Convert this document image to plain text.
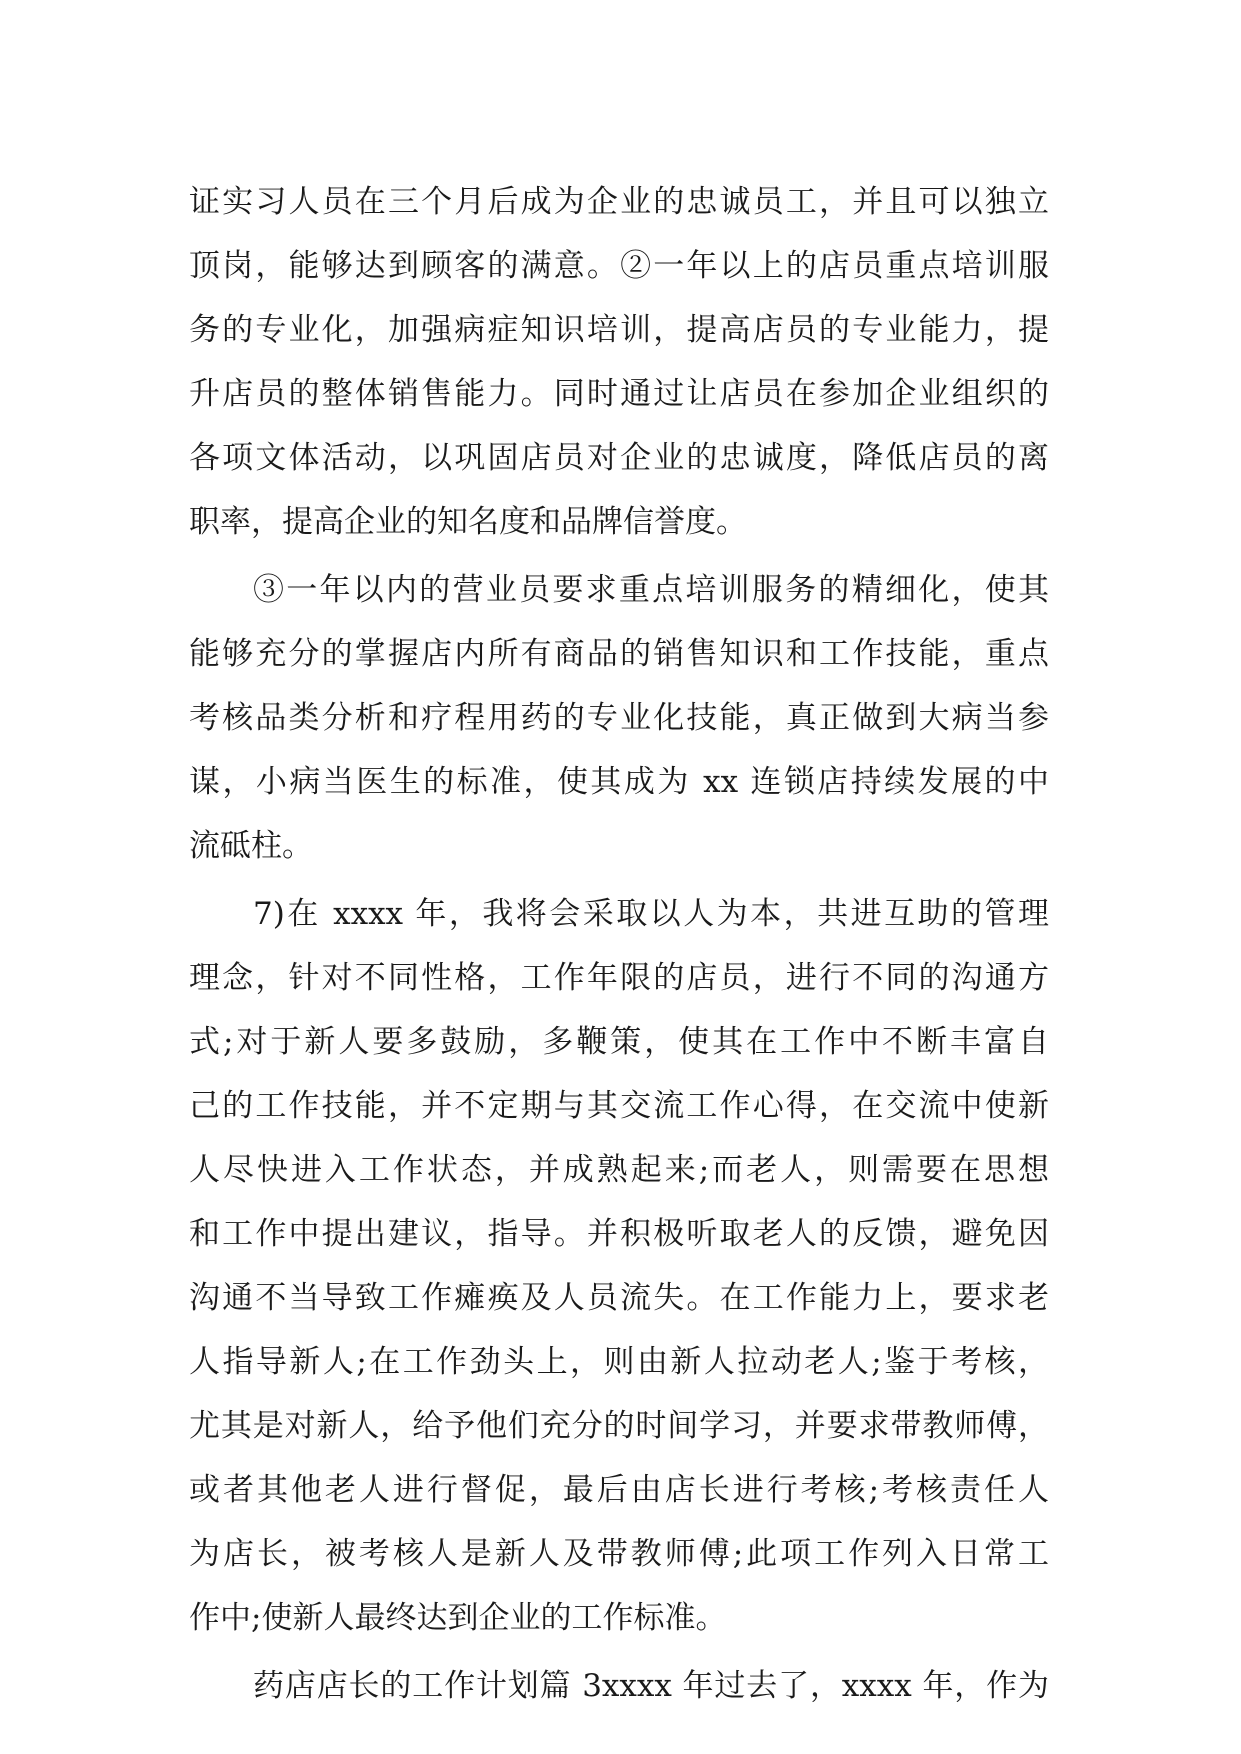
证实习人员在三个月后成为企业的忠诚员工，并且可以独立
顶岗，能够达到顾客的满意。②一年以上的店员重点培训服
务的专业化，加强病症知识培训，提高店员的专业能力，提
升店员的整体销售能力。同时通过让店员在参加企业组织的
各项文体活动，以巩固店员对企业的忠诚度，降低店员的离
职率，提高企业的知名度和品牌信誉度。
③一年以内的营业员要求重点培训服务的精细化，使其
能够充分的掌握店内所有商品的销售知识和工作技能，重点
考核品类分析和疗程用药的专业化技能，真正做到大病当参
谋，小病当医生的标准，使其成为 xx 连锁店持续发展的中
流砥柱。
7)在 xxxx 年，我将会采取以人为本，共进互助的管理
理念，针对不同性格，工作年限的店员，进行不同的沟通方
式;对于新人要多鼓励，多鞭策，使其在工作中不断丰富自
己的工作技能，并不定期与其交流工作心得，在交流中使新
人尽快进入工作状态，并成熟起来;而老人，则需要在思想
和工作中提出建议，指导。并积极听取老人的反馈，避免因
沟通不当导致工作瘫痪及人员流失。在工作能力上，要求老
人指导新人;在工作劲头上，则由新人拉动老人;鉴于考核，
尤其是对新人，给予他们充分的时间学习，并要求带教师傅，
或者其他老人进行督促，最后由店长进行考核;考核责任人
为店长，被考核人是新人及带教师傅;此项工作列入日常工
作中;使新人最终达到企业的工作标准。
药店店长的工作计划篇 3xxxx 年过去了，xxxx 年，作为
